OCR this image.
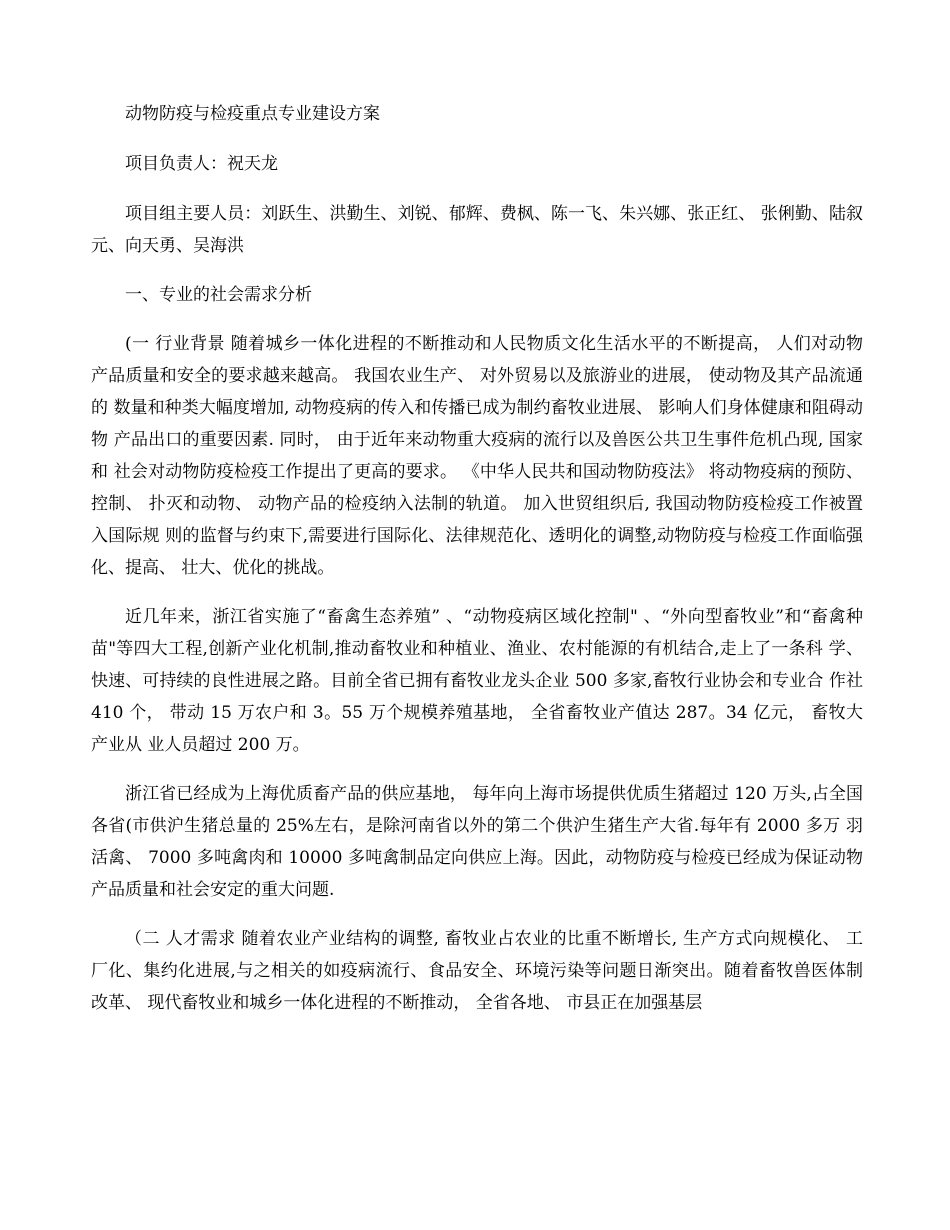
动物防疫与检疫重点专业建设方案

项目负责人：祝天龙

项目组主要人员：刘跃生、洪勤生、刘锐、郁辉、费枫、陈一飞、朱兴娜、张正红、 张俐勤、陆叙元、向天勇、吴海洪

一、专业的社会需求分析

(一 行业背景 随着城乡一体化进程的不断推动和人民物质文化生活水平的不断提高， 人们对动物 产品质量和安全的要求越来越高。 我国农业生产、 对外贸易以及旅游业的进展， 使动物及其产品流通的 数量和种类大幅度增加, 动物疫病的传入和传播已成为制约畜牧业进展、 影响人们身体健康和阻碍动物 产品出口的重要因素. 同时， 由于近年来动物重大疫病的流行以及兽医公共卫生事件危机凸现, 国家和 社会对动物防疫检疫工作提出了更高的要求。 《中华人民共和国动物防疫法》 将动物疫病的预防、 控制、 扑灭和动物、 动物产品的检疫纳入法制的轨道。 加入世贸组织后, 我国动物防疫检疫工作被置入国际规 则的监督与约束下,需要进行国际化、法律规范化、透明化的调整,动物防疫与检疫工作面临强化、提高、 壮大、优化的挑战。

近几年来，浙江省实施了“畜禽生态养殖” 、“动物疫病区域化控制" 、“外向型畜牧业”和“畜禽种 苗"等四大工程,创新产业化机制,推动畜牧业和种植业、渔业、农村能源的有机结合,走上了一条科 学、快速、可持续的良性进展之路。目前全省已拥有畜牧业龙头企业 500 多家,畜牧行业协会和专业合 作社 410 个， 带动 15 万农户和 3。55 万个规模养殖基地， 全省畜牧业产值达 287。34 亿元， 畜牧大产业从 业人员超过 200 万。

浙江省已经成为上海优质畜产品的供应基地， 每年向上海市场提供优质生猪超过 120 万头,占全国 各省(市供沪生猪总量的 25%左右，是除河南省以外的第二个供沪生猪生产大省.每年有 2000 多万 羽活禽、 7000 多吨禽肉和 10000 多吨禽制品定向供应上海。因此，动物防疫与检疫已经成为保证动物 产品质量和社会安定的重大问题.

（二 人才需求 随着农业产业结构的调整, 畜牧业占农业的比重不断增长, 生产方式向规模化、 工 厂化、集约化进展,与之相关的如疫病流行、食品安全、环境污染等问题日渐突出。随着畜牧兽医体制 改革、 现代畜牧业和城乡一体化进程的不断推动， 全省各地、 市县正在加强基层
